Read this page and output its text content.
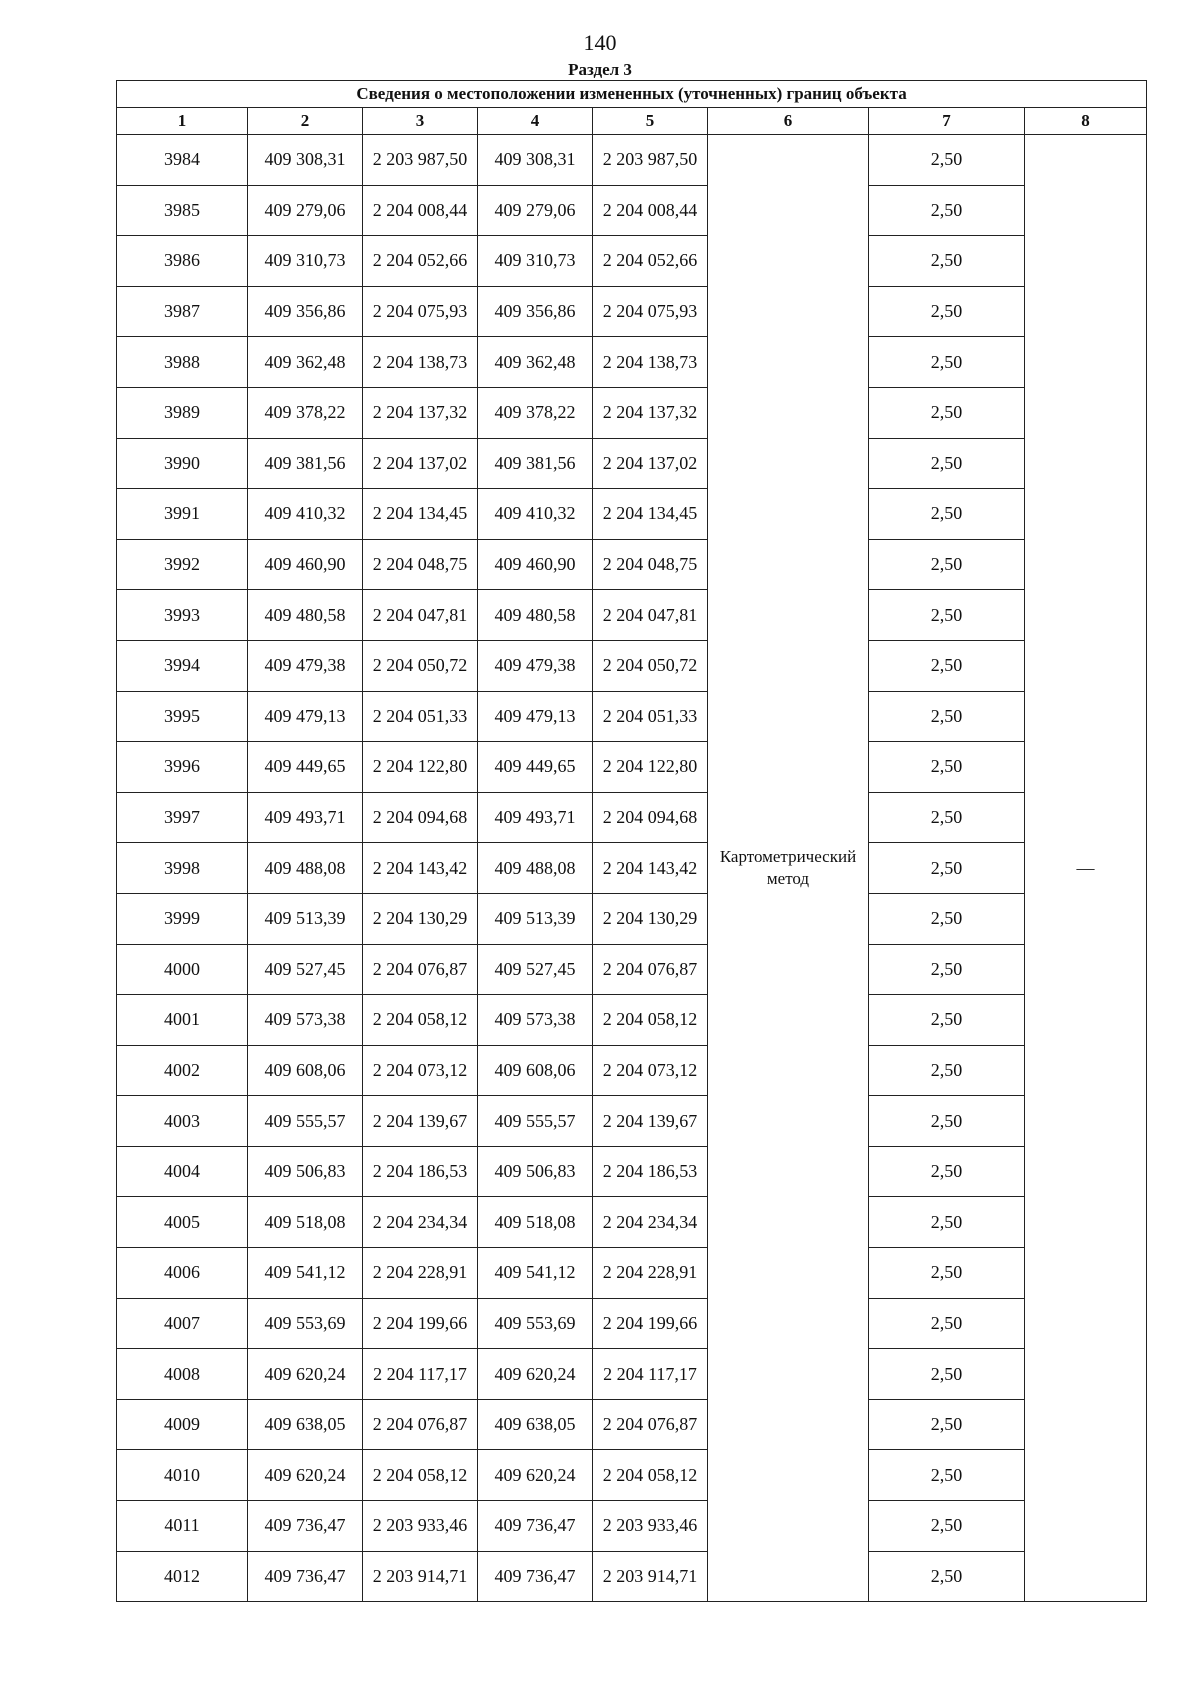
140
Раздел 3
Сведения о местоположении измененных (уточненных) границ объекта							
1	2	3	4	5	6	7	8
3984	409 308,31	2 203 987,50	409 308,31	2 203 987,50	Картометрический метод	2,50	—
3985	409 279,06	2 204 008,44	409 279,06	2 204 008,44		2,50	
3986	409 310,73	2 204 052,66	409 310,73	2 204 052,66		2,50	
3987	409 356,86	2 204 075,93	409 356,86	2 204 075,93		2,50	
3988	409 362,48	2 204 138,73	409 362,48	2 204 138,73		2,50	
3989	409 378,22	2 204 137,32	409 378,22	2 204 137,32		2,50	
3990	409 381,56	2 204 137,02	409 381,56	2 204 137,02		2,50	
3991	409 410,32	2 204 134,45	409 410,32	2 204 134,45		2,50	
3992	409 460,90	2 204 048,75	409 460,90	2 204 048,75		2,50	
3993	409 480,58	2 204 047,81	409 480,58	2 204 047,81		2,50	
3994	409 479,38	2 204 050,72	409 479,38	2 204 050,72		2,50	
3995	409 479,13	2 204 051,33	409 479,13	2 204 051,33		2,50	
3996	409 449,65	2 204 122,80	409 449,65	2 204 122,80		2,50	
3997	409 493,71	2 204 094,68	409 493,71	2 204 094,68		2,50	
3998	409 488,08	2 204 143,42	409 488,08	2 204 143,42		2,50	
3999	409 513,39	2 204 130,29	409 513,39	2 204 130,29		2,50	
4000	409 527,45	2 204 076,87	409 527,45	2 204 076,87		2,50	
4001	409 573,38	2 204 058,12	409 573,38	2 204 058,12		2,50	
4002	409 608,06	2 204 073,12	409 608,06	2 204 073,12		2,50	
4003	409 555,57	2 204 139,67	409 555,57	2 204 139,67		2,50	
4004	409 506,83	2 204 186,53	409 506,83	2 204 186,53		2,50	
4005	409 518,08	2 204 234,34	409 518,08	2 204 234,34		2,50	
4006	409 541,12	2 204 228,91	409 541,12	2 204 228,91		2,50	
4007	409 553,69	2 204 199,66	409 553,69	2 204 199,66		2,50	
4008	409 620,24	2 204 117,17	409 620,24	2 204 117,17		2,50	
4009	409 638,05	2 204 076,87	409 638,05	2 204 076,87		2,50	
4010	409 620,24	2 204 058,12	409 620,24	2 204 058,12		2,50	
4011	409 736,47	2 203 933,46	409 736,47	2 203 933,46		2,50	
4012	409 736,47	2 203 914,71	409 736,47	2 203 914,71		2,50	
